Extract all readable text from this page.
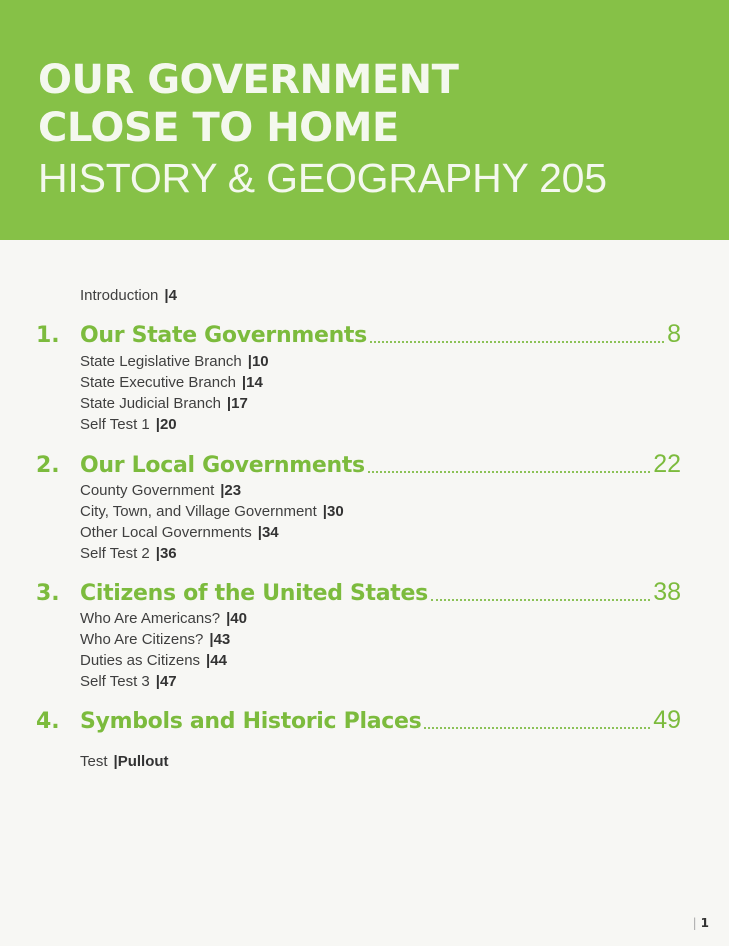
OUR GOVERNMENT
CLOSE TO HOME
HISTORY & GEOGRAPHY 205
Introduction |4
1. Our State Governments	8
State Legislative Branch |10
State Executive Branch |14
State Judicial Branch |17
Self Test 1 |20
2. Our Local Governments	22
County Government |23
City, Town, and Village Government |30
Other Local Governments |34
Self Test 2 |36
3. Citizens of the United States	38
Who Are Americans? |40
Who Are Citizens? |43
Duties as Citizens |44
Self Test 3 |47
4. Symbols and Historic Places	49
Test |Pullout
| 1
